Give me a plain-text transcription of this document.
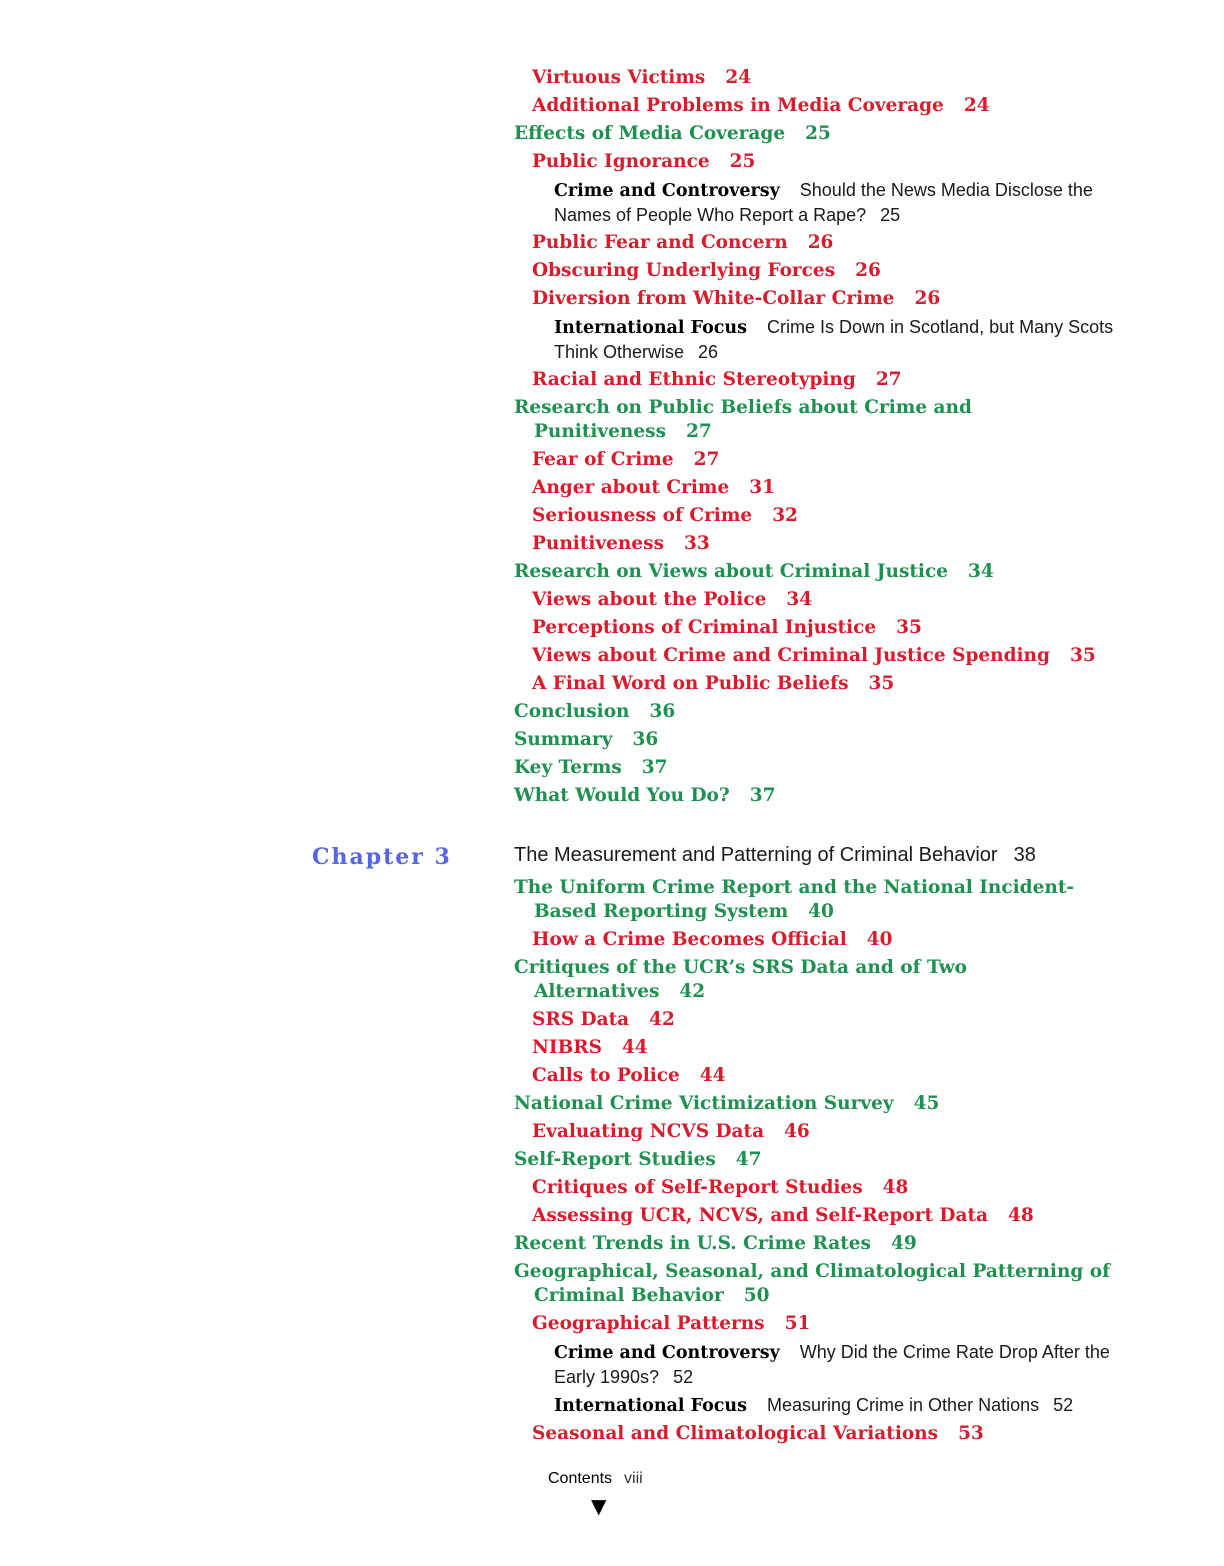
Virtuous Victims 24
Additional Problems in Media Coverage 24
Effects of Media Coverage 25
Public Ignorance 25
Crime and Controversy Should the News Media Disclose the Names of People Who Report a Rape? 25
Public Fear and Concern 26
Obscuring Underlying Forces 26
Diversion from White-Collar Crime 26
International Focus Crime Is Down in Scotland, but Many Scots Think Otherwise 26
Racial and Ethnic Stereotyping 27
Research on Public Beliefs about Crime and Punitiveness 27
Fear of Crime 27
Anger about Crime 31
Seriousness of Crime 32
Punitiveness 33
Research on Views about Criminal Justice 34
Views about the Police 34
Perceptions of Criminal Injustice 35
Views about Crime and Criminal Justice Spending 35
A Final Word on Public Beliefs 35
Conclusion 36
Summary 36
Key Terms 37
What Would You Do? 37
Chapter 3	The Measurement and Patterning of Criminal Behavior 38
The Uniform Crime Report and the National Incident-Based Reporting System 40
How a Crime Becomes Official 40
Critiques of the UCR’s SRS Data and of Two Alternatives 42
SRS Data 42
NIBRS 44
Calls to Police 44
National Crime Victimization Survey 45
Evaluating NCVS Data 46
Self-Report Studies 47
Critiques of Self-Report Studies 48
Assessing UCR, NCVS, and Self-Report Data 48
Recent Trends in U.S. Crime Rates 49
Geographical, Seasonal, and Climatological Patterning of Criminal Behavior 50
Geographical Patterns 51
Crime and Controversy Why Did the Crime Rate Drop After the Early 1990s? 52
International Focus Measuring Crime in Other Nations 52
Seasonal and Climatological Variations 53
Contents viii
▼
